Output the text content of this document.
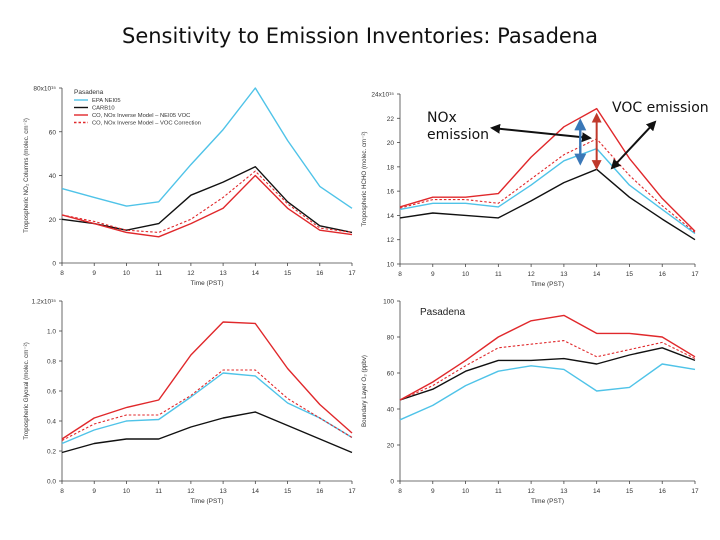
Sensitivity to Emission Inventories: Pasadena
0
20
40
60
80x10¹⁵
8	9	10	11	12	13	14	15	16	17
Time (PST)
Tropospheric NO₂ Columns (molec. cm⁻²)
Pasadena
EPA NEI05
CARB10
CO, NOx Inverse Model – NEI05 VOC
CO, NOx Inverse Model – VOC Correction
10
12
14
16
18
20
22
24x10¹⁵
8	9	10	11	12	13	14	15	16	17
Time (PST)
Tropospheric HCHO (molec. cm⁻²)
0.0
0.2
0.4
0.6
0.8
1.0
1.2x10¹⁵
8	9	10	11	12	13	14	15	16	17
Time (PST)
Tropospheric Glyoxal (molec. cm⁻²)
0
20
40
60
80
100
8	9	10	11	12	13	14	15	16	17
Time (PST)
Boundary Layer O₃ (ppbv)
Pasadena
NOx
emission
VOC emission
